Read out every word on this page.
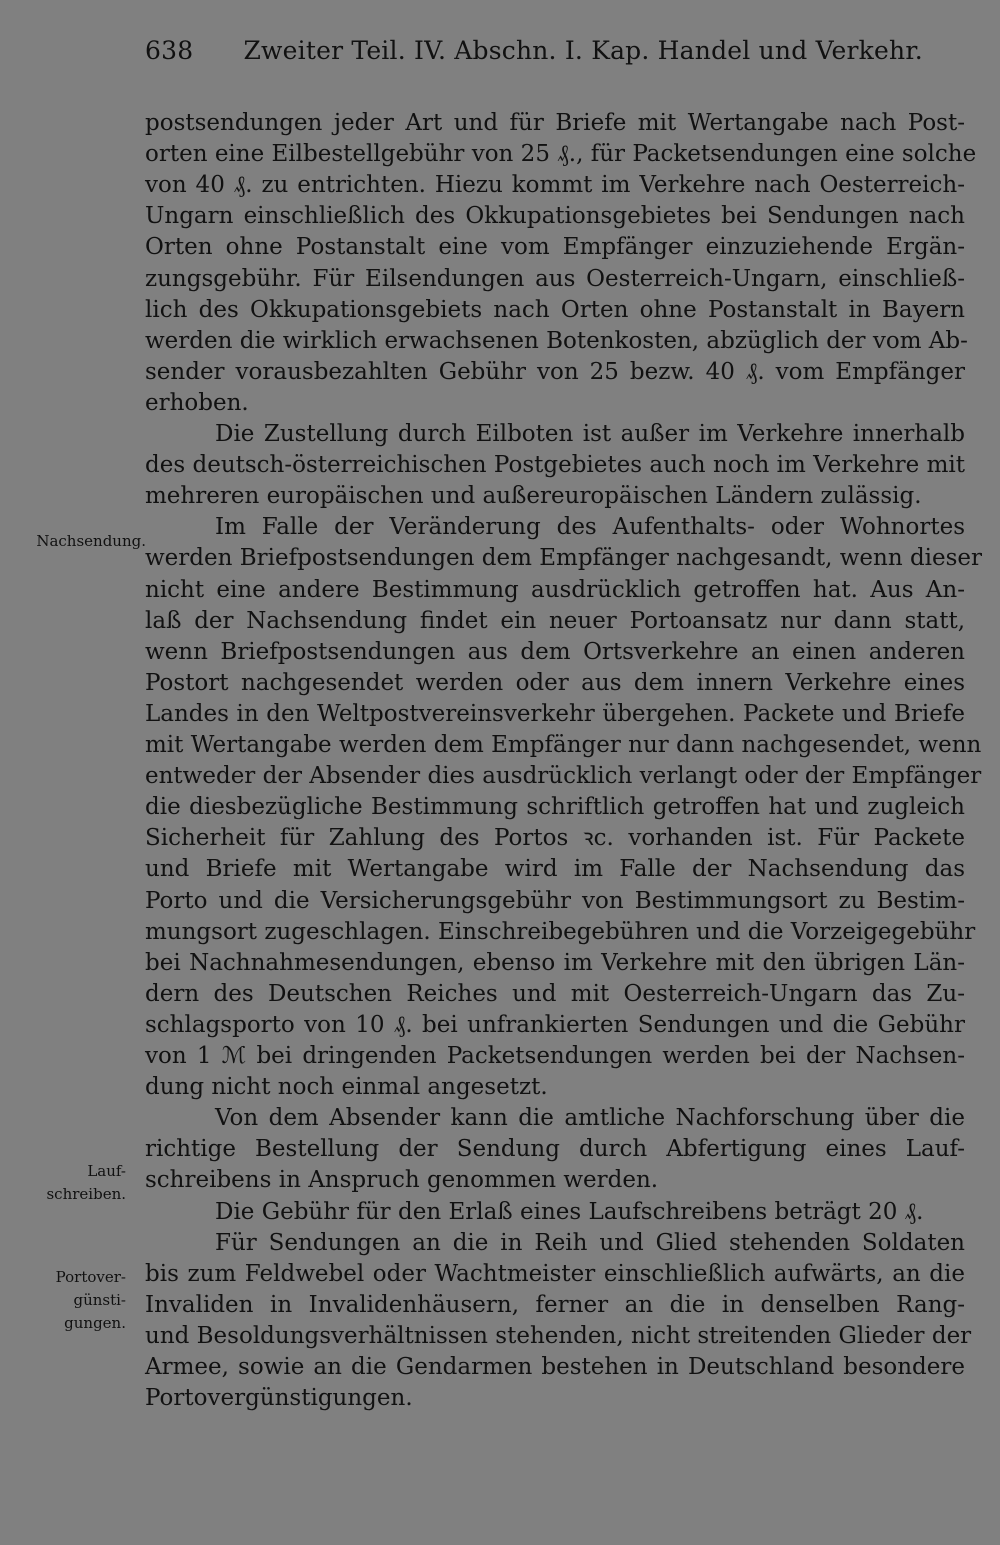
638 Zweiter Teil. IV. Abschn. I. Kap. Handel und Verkehr.
Nachsendung.
Lauf-
schreiben.
Portover-
günsti-
gungen.
postsendungen jeder Art und für Briefe mit Wertangabe nach Post-
orten eine Eilbestellgebühr von 25 ₰., für Packetsendungen eine solche
von 40 ₰. zu entrichten. Hiezu kommt im Verkehre nach Oesterreich-
Ungarn einschließlich des Okkupationsgebietes bei Sendungen nach
Orten ohne Postanstalt eine vom Empfänger einzuziehende Ergän-
zungsgebühr. Für Eilsendungen aus Oesterreich-Ungarn, einschließ-
lich des Okkupationsgebiets nach Orten ohne Postanstalt in Bayern
werden die wirklich erwachsenen Botenkosten, abzüglich der vom Ab-
sender vorausbezahlten Gebühr von 25 bezw. 40 ₰. vom Empfänger
erhoben.
Die Zustellung durch Eilboten ist außer im Verkehre innerhalb
des deutsch-österreichischen Postgebietes auch noch im Verkehre mit
mehreren europäischen und außereuropäischen Ländern zulässig.
Im Falle der Veränderung des Aufenthalts- oder Wohnortes
werden Briefpostsendungen dem Empfänger nachgesandt, wenn dieser
nicht eine andere Bestimmung ausdrücklich getroffen hat. Aus An-
laß der Nachsendung findet ein neuer Portoansatz nur dann statt,
wenn Briefpostsendungen aus dem Ortsverkehre an einen anderen
Postort nachgesendet werden oder aus dem innern Verkehre eines
Landes in den Weltpostvereinsverkehr übergehen. Packete und Briefe
mit Wertangabe werden dem Empfänger nur dann nachgesendet, wenn
entweder der Absender dies ausdrücklich verlangt oder der Empfänger
die diesbezügliche Bestimmung schriftlich getroffen hat und zugleich
Sicherheit für Zahlung des Portos ꝛc. vorhanden ist. Für Packete
und Briefe mit Wertangabe wird im Falle der Nachsendung das
Porto und die Versicherungsgebühr von Bestimmungsort zu Bestim-
mungsort zugeschlagen. Einschreibegebühren und die Vorzeigegebühr
bei Nachnahmesendungen, ebenso im Verkehre mit den übrigen Län-
dern des Deutschen Reiches und mit Oesterreich-Ungarn das Zu-
schlagsporto von 10 ₰. bei unfrankierten Sendungen und die Gebühr
von 1 ℳ bei dringenden Packetsendungen werden bei der Nachsen-
dung nicht noch einmal angesetzt.
Von dem Absender kann die amtliche Nachforschung über die
richtige Bestellung der Sendung durch Abfertigung eines Lauf-
schreibens in Anspruch genommen werden.
Die Gebühr für den Erlaß eines Laufschreibens beträgt 20 ₰.
Für Sendungen an die in Reih und Glied stehenden Soldaten
bis zum Feldwebel oder Wachtmeister einschließlich aufwärts, an die
Invaliden in Invalidenhäusern, ferner an die in denselben Rang-
und Besoldungsverhältnissen stehenden, nicht streitenden Glieder der
Armee, sowie an die Gendarmen bestehen in Deutschland besondere
Portovergünstigungen.
